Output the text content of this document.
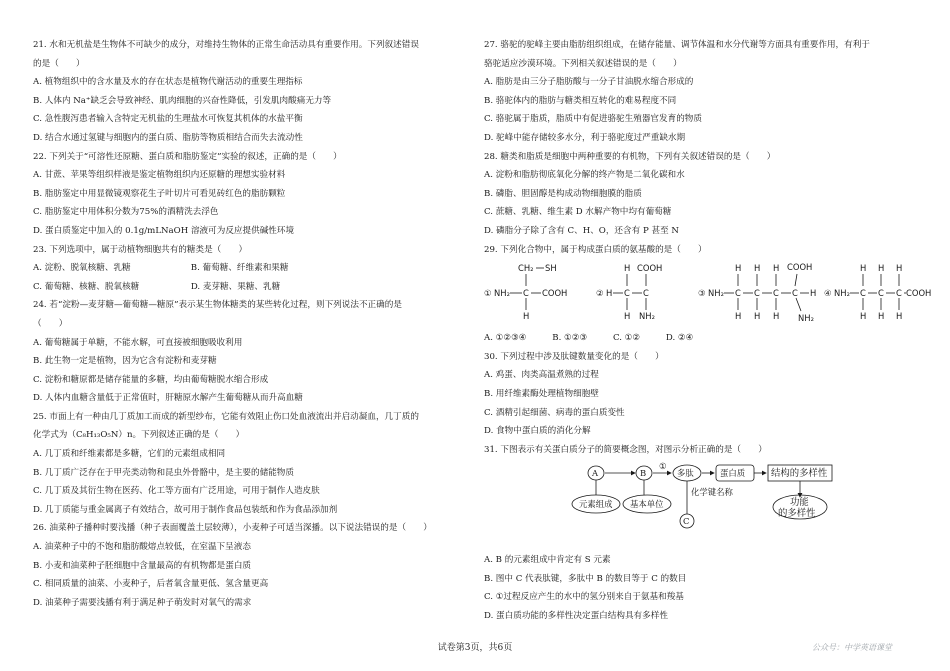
21. 水和无机盐是生物体不可缺少的成分，对维持生物体的正常生命活动具有重要作用。下列叙述错误
的是（　　）
A. 植物组织中的含水量及水的存在状态是植物代谢活动的重要生理指标
B. 人体内 Na⁺缺乏会导致神经、肌肉细胞的兴奋性降低，引发肌肉酸痛无力等
C. 急性腹泻患者输入含特定无机盐的生理盐水可恢复其机体的水盐平衡
D. 结合水通过氢键与细胞内的蛋白质、脂肪等物质相结合而失去流动性
22. 下列关于“可溶性还原糖、蛋白质和脂肪鉴定”实验的叙述，正确的是（　　）
A. 甘蔗、苹果等组织样液是鉴定植物组织内还原糖的理想实验材料
B. 脂肪鉴定中用显微镜观察花生子叶切片可看见砖红色的脂肪颗粒
C. 脂肪鉴定中用体积分数为75%的酒精洗去浮色
D. 蛋白质鉴定中加入的 0.1g/mLNaOH 溶液可为反应提供碱性环境
23. 下列选项中，属于动植物细胞共有的糖类是（　　）
A. 淀粉、脱氧核糖、乳糖　　　　　　　B. 葡萄糖、纤维素和果糖
C. 葡萄糖、核糖、脱氧核糖　　　　　　D. 麦芽糖、果糖、乳糖
24. 若“淀粉—麦芽糖—葡萄糖—糖原”表示某生物体糖类的某些转化过程，则下列说法不正确的是
（　　）
A. 葡萄糖属于单糖，不能水解，可直接被细胞吸收利用
B. 此生物一定是植物，因为它含有淀粉和麦芽糖
C. 淀粉和糖原都是储存能量的多糖，均由葡萄糖脱水缩合形成
D. 人体内血糖含量低于正常值时，肝糖原水解产生葡萄糖从而升高血糖
25. 市面上有一种由几丁质加工而成的新型纱布，它能有效阻止伤口处血液流出并启动凝血，几丁质的
化学式为（C₈H₁₃O₅N）n。下列叙述正确的是（　　）
A. 几丁质和纤维素都是多糖，它们的元素组成相同
B. 几丁质广泛存在于甲壳类动物和昆虫外骨骼中，是主要的储能物质
C. 几丁质及其衍生物在医药、化工等方面有广泛用途，可用于制作人造皮肤
D. 几丁质能与重金属离子有效结合，故可用于制作食品包装纸和作为食品添加剂
26. 油菜种子播种时要浅播（种子表面覆盖土层较薄），小麦种子可适当深播。以下说法错误的是（　　）
A. 油菜种子中的不饱和脂肪酸熔点较低，在室温下呈液态
B. 小麦和油菜种子胚细胞中含量最高的有机物都是蛋白质
C. 相同质量的油菜、小麦种子，后者氧含量更低、氢含量更高
D. 油菜种子需要浅播有利于满足种子萌发时对氧气的需求
27. 骆驼的驼峰主要由脂肪组织组成，在储存能量、调节体温和水分代谢等方面具有重要作用，有利于
骆驼适应沙漠环境。下列相关叙述错误的是（　　）
A. 脂肪是由三分子脂肪酸与一分子甘油脱水缩合形成的
B. 骆驼体内的脂肪与糖类相互转化的难易程度不同
C. 骆驼属于脂质，脂质中有促进骆驼生殖器官发育的物质
D. 驼峰中能存储较多水分，利于骆驼度过严重缺水期
28. 糖类和脂质是细胞中两种重要的有机物，下列有关叙述错误的是（　　）
A. 淀粉和脂肪彻底氧化分解的终产物是二氧化碳和水
B. 磷脂、胆固醇是构成动物细胞膜的脂质
C. 蔗糖、乳糖、维生素 D 水解产物中均有葡萄糖
D. 磷脂分子除了含有 C、H、O，还含有 P 甚至 N
29. 下列化合物中，属于构成蛋白质的氨基酸的是（　　）
① NH₂ C COOH
CH₂ SH
H
② H C C
H
H COOH
NH₂
③ NH₂ C C C C H
H H H COOH
H H H NH₂
④ NH₂ C C C COOH
H H H
H H H
A. ①②③④　　　B. ①②③　　　C. ①②　　　D. ②④
30. 下列过程中涉及肽键数量变化的是（　　）
A. 鸡蛋、肉类高温煮熟的过程
B. 用纤维素酶处理植物细胞壁
C. 酒精引起细菌、病毒的蛋白质变性
D. 食物中蛋白质的消化分解
31. 下图表示有关蛋白质分子的简要概念图，对图示分析正确的是（　　）
A	B
①
多肽	蛋白质	结构的多样性
功能
的多样性
元素组成 基本单位
化学键名称
C
A. B 的元素组成中肯定有 S 元素
B. 图中 C 代表肽键，多肽中 B 的数目等于 C 的数目
C. ①过程反应产生的水中的氢分别来自于氨基和羧基
D. 蛋白质功能的多样性决定蛋白结构具有多样性
试卷第3页，共6页	公众号：中学英语课堂
